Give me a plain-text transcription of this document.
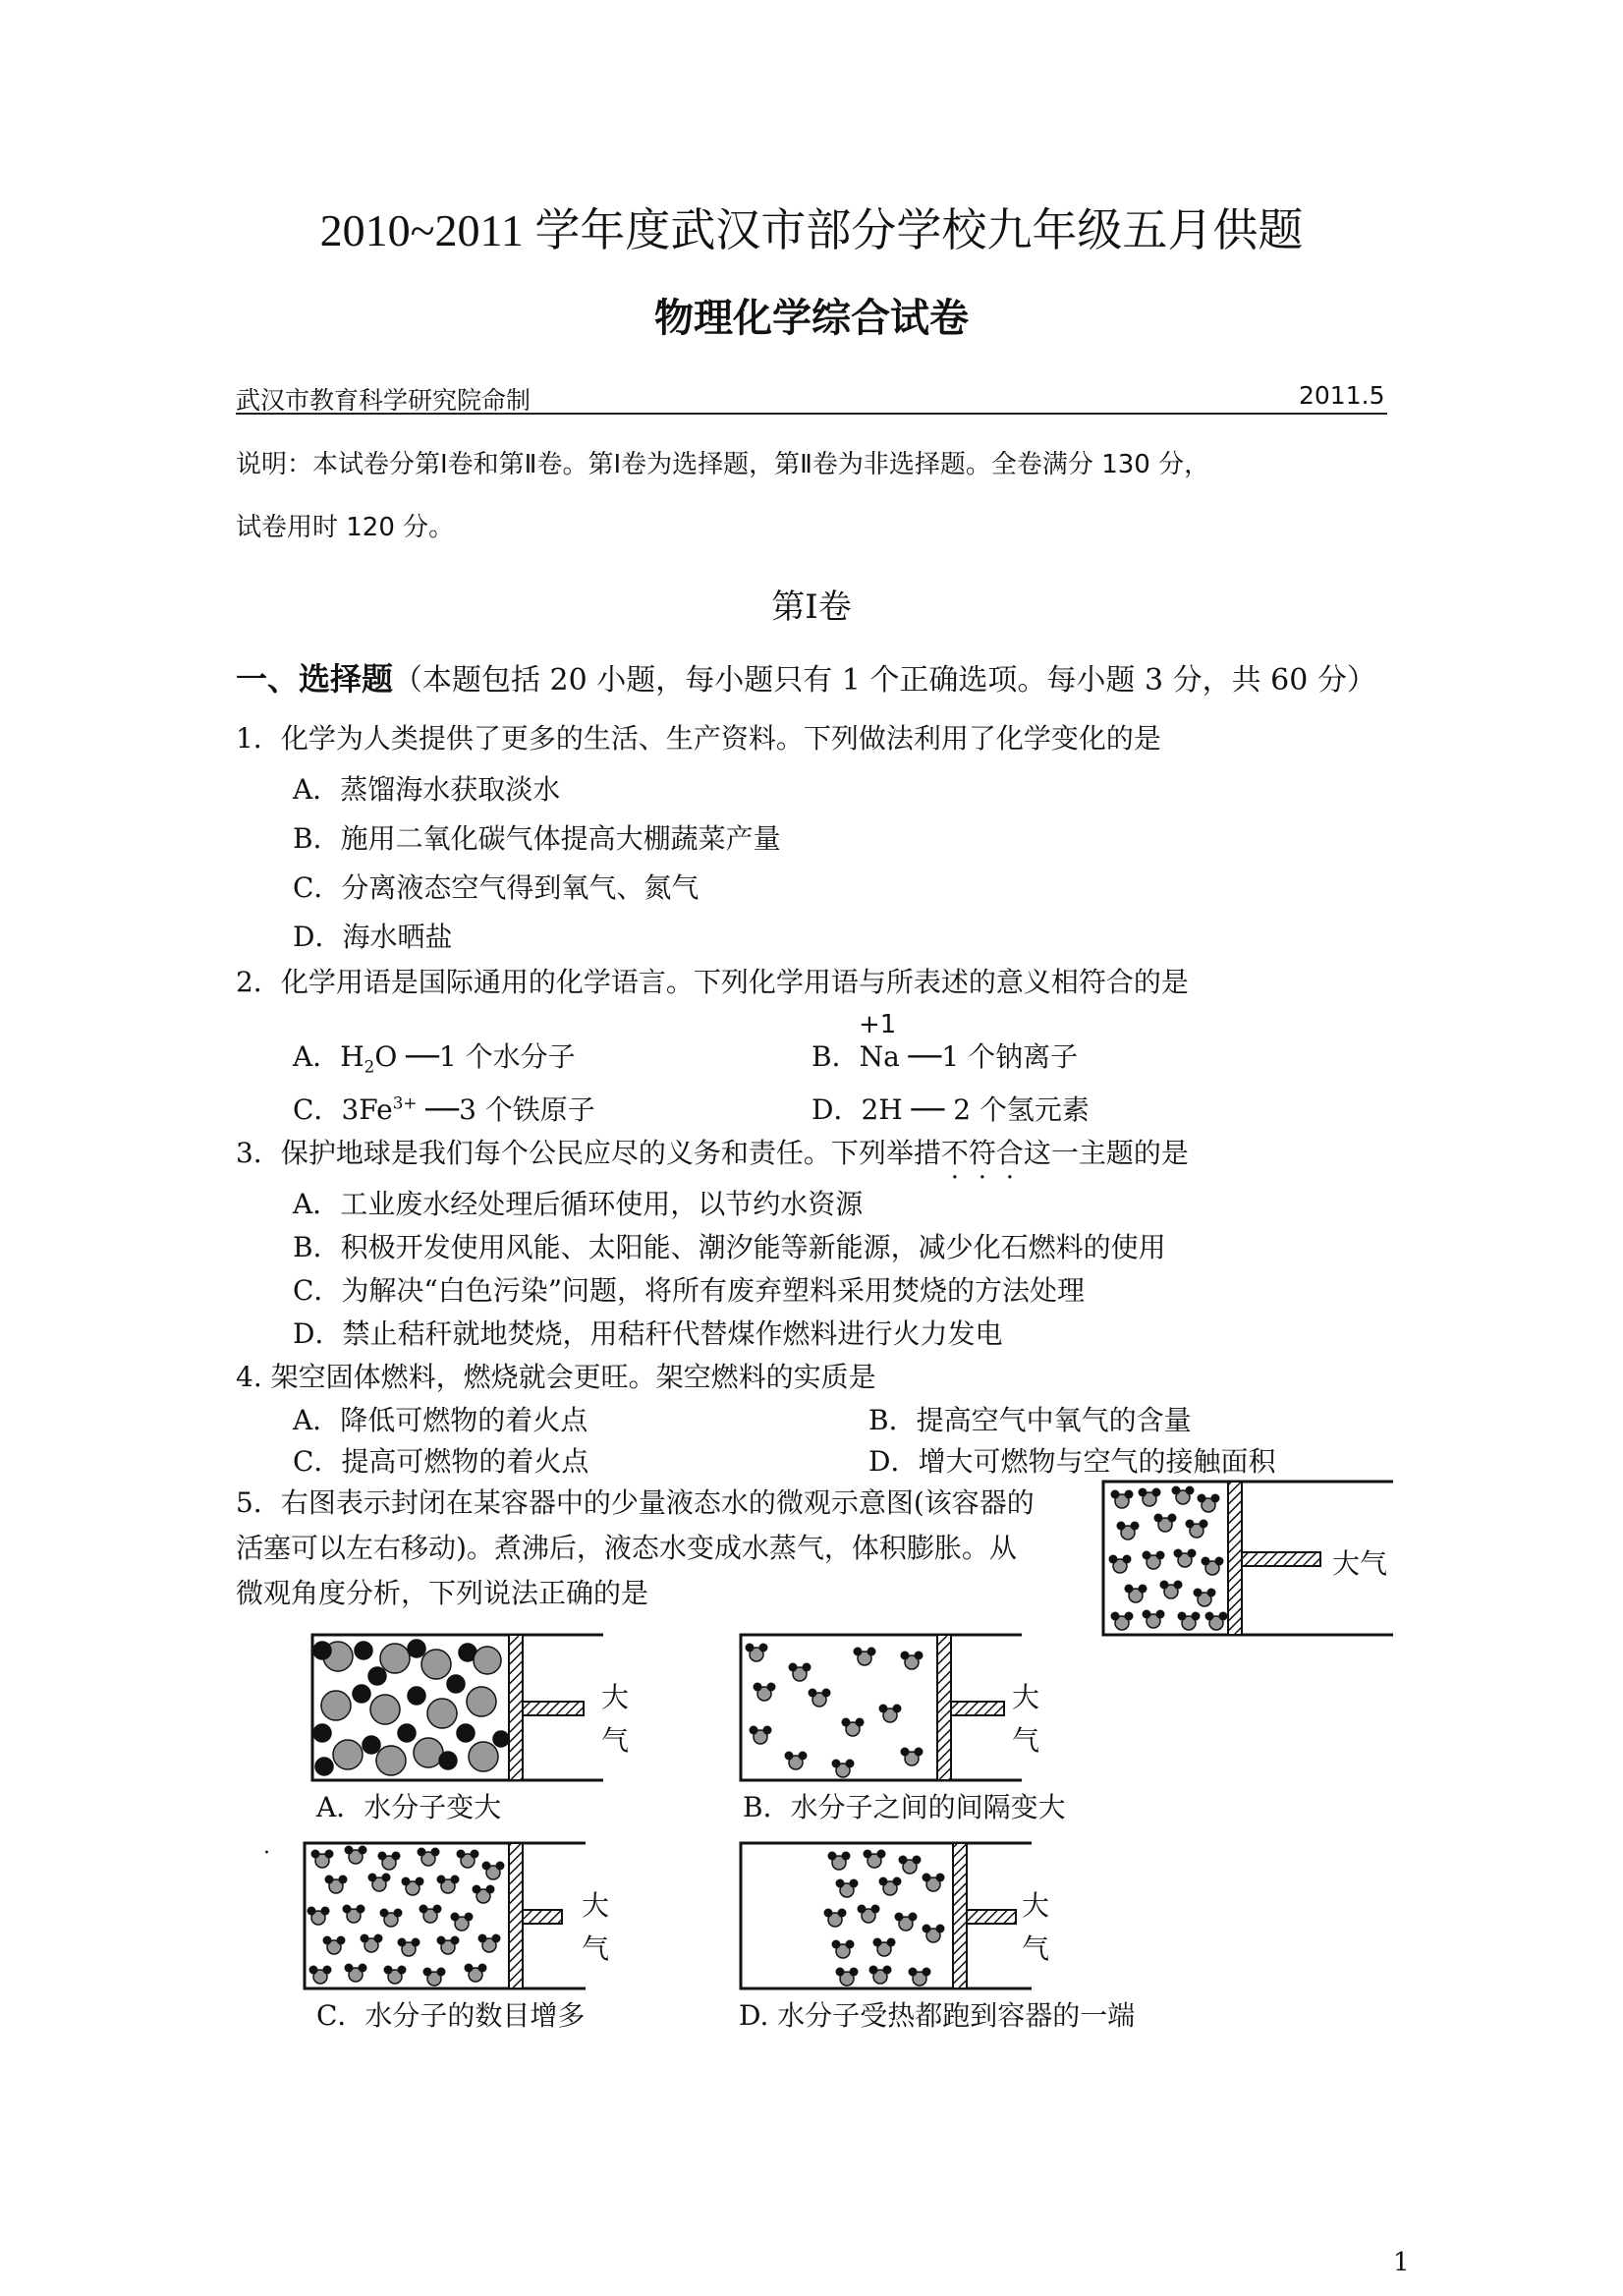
2010~2011 学年度武汉市部分学校九年级五月供题
物理化学综合试卷
武汉市教育科学研究院命制	2011.5
说明：本试卷分第Ⅰ卷和第Ⅱ卷。第Ⅰ卷为选择题，第Ⅱ卷为非选择题。全卷满分 130 分，
试卷用时 120 分。
第Ⅰ卷
一、选择题（本题包括 20 小题，每小题只有 1 个正确选项。每小题 3 分，共 60 分）
1．化学为人类提供了更多的生活、生产资料。下列做法利用了化学变化的是
A．蒸馏海水获取淡水
B．施用二氧化碳气体提高大棚蔬菜产量
C．分离液态空气得到氧气、氮气
D．海水晒盐
2．化学用语是国际通用的化学语言。下列化学用语与所表述的意义相符合的是
A．$H_2O$ ──1 个水分子
+1
B．Na ──1 个钠离子
C．$3Fe^{3+}$ ──3 个铁原子	D．2H ── 2 个氢元素
3．保护地球是我们每个公民应尽的义务和责任。下列举措不符合这一主题的是
A．工业废水经处理后循环使用，以节约水资源
B．积极开发使用风能、太阳能、潮汐能等新能源，减少化石燃料的使用
C．为解决“白色污染”问题，将所有废弃塑料采用焚烧的方法处理
D．禁止秸秆就地焚烧，用秸秆代替煤作燃料进行火力发电
4. 架空固体燃料，燃烧就会更旺。架空燃料的实质是
A．降低可燃物的着火点	B．提高空气中氧气的含量
C．提高可燃物的着火点	D．增大可燃物与空气的接触面积
5．右图表示封闭在某容器中的少量液态水的微观示意图(该容器的
活塞可以左右移动)。煮沸后，液态水变成水蒸气，体积膨胀。从
微观角度分析，下列说法正确的是
大气
大
气
A．水分子变大
大
气
B．水分子之间的间隔变大
·
大
气
C．水分子的数目增多
大
气
D. 水分子受热都跑到容器的一端
1
